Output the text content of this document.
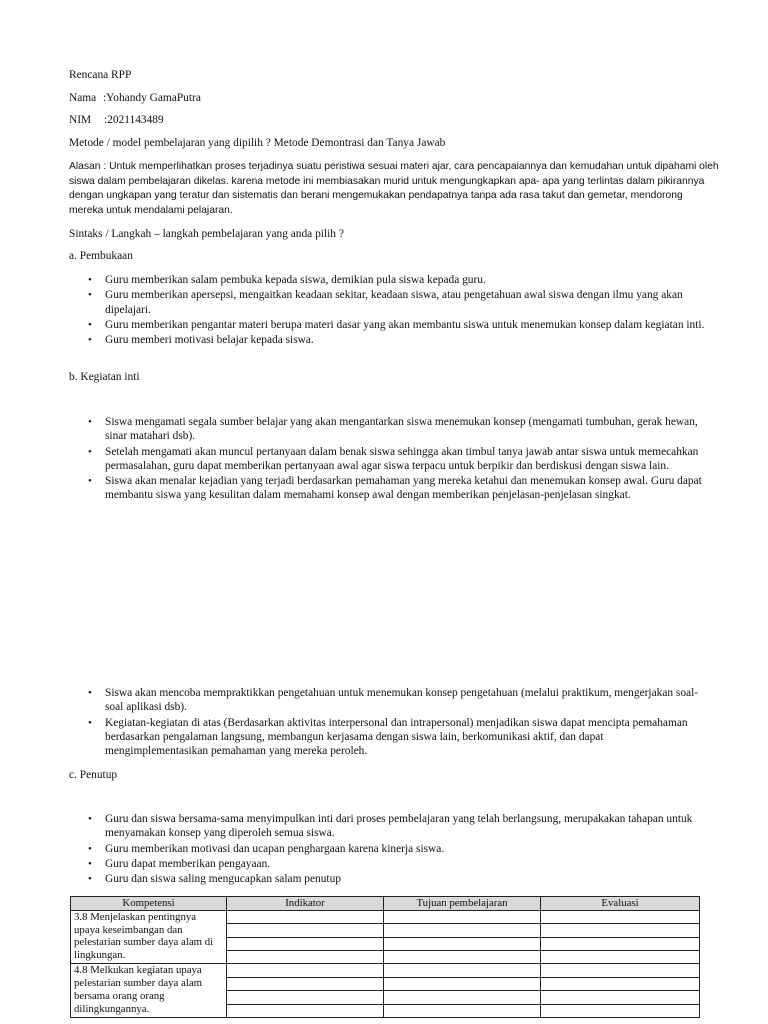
Rencana RPP
Nama :Yohandy GamaPutra
NIM :2021143489
Metode / model pembelajaran yang dipilih ? Metode Demontrasi dan Tanya Jawab
Alasan : Untuk memperlihatkan proses terjadinya suatu peristiwa sesuai materi ajar, cara pencapaiannya dan kemudahan untuk dipahami oleh siswa dalam pembelajaran dikelas. karena metode ini membiasakan murid untuk mengungkapkan apa- apa yang terlintas dalam pikirannya dengan ungkapan yang teratur dan sistematis dan berani mengemukakan pendapatnya tanpa ada rasa takut dan gemetar, mendorong mereka untuk mendalami pelajaran.
Sintaks / Langkah – langkah pembelajaran yang anda pilih ?
a. Pembukaan
• Guru memberikan salam pembuka kepada siswa, demikian pula siswa kepada guru.
• Guru memberikan apersepsi, mengaitkan keadaan sekitar, keadaan siswa, atau pengetahuan awal siswa dengan ilmu yang akan dipelajari.
• Guru memberikan pengantar materi berupa materi dasar yang akan membantu siswa untuk menemukan konsep dalam kegiatan inti.
• Guru memberi motivasi belajar kepada siswa.
b. Kegiatan inti
• Siswa mengamati segala sumber belajar yang akan mengantarkan siswa menemukan konsep (mengamati tumbuhan, gerak hewan, sinar matahari dsb).
• Setelah mengamati akan muncul pertanyaan dalam benak siswa sehingga akan timbul tanya jawab antar siswa untuk memecahkan permasalahan, guru dapat memberikan pertanyaan awal agar siswa terpacu untuk berpikir dan berdiskusi dengan siswa lain.
• Siswa akan menalar kejadian yang terjadi berdasarkan pemahaman yang mereka ketahui dan menemukan konsep awal. Guru dapat membantu siswa yang kesulitan dalam memahami konsep awal dengan memberikan penjelasan-penjelasan singkat.
• Siswa akan mencoba mempraktikkan pengetahuan untuk menemukan konsep pengetahuan (melalui praktikum, mengerjakan soal-soal aplikasi dsb).
• Kegiatan-kegiatan di atas (Berdasarkan aktivitas interpersonal dan intrapersonal) menjadikan siswa dapat mencipta pemahaman berdasarkan pengalaman langsung, membangun kerjasama dengan siswa lain, berkomunikasi aktif, dan dapat mengimplementasikan pemahaman yang mereka peroleh.
c. Penutup
• Guru dan siswa bersama-sama menyimpulkan inti dari proses pembelajaran yang telah berlangsung, merupakakan tahapan untuk menyamakan konsep yang diperoleh semua siswa.
• Guru memberikan motivasi dan ucapan penghargaan karena kinerja siswa.
• Guru dapat memberikan pengayaan.
• Guru dan siswa saling mengucapkan salam penutup
Kompetensi	Indikator	Tujuan pembelajaran	Evaluasi
3.8 Menjelaskan pentingnya upaya keseimbangan dan pelestarian sumber daya alam di lingkungan.			

4.8 Melkukan kegiatan upaya pelestarian sumber daya alam bersama orang orang dilingkungannya.			
